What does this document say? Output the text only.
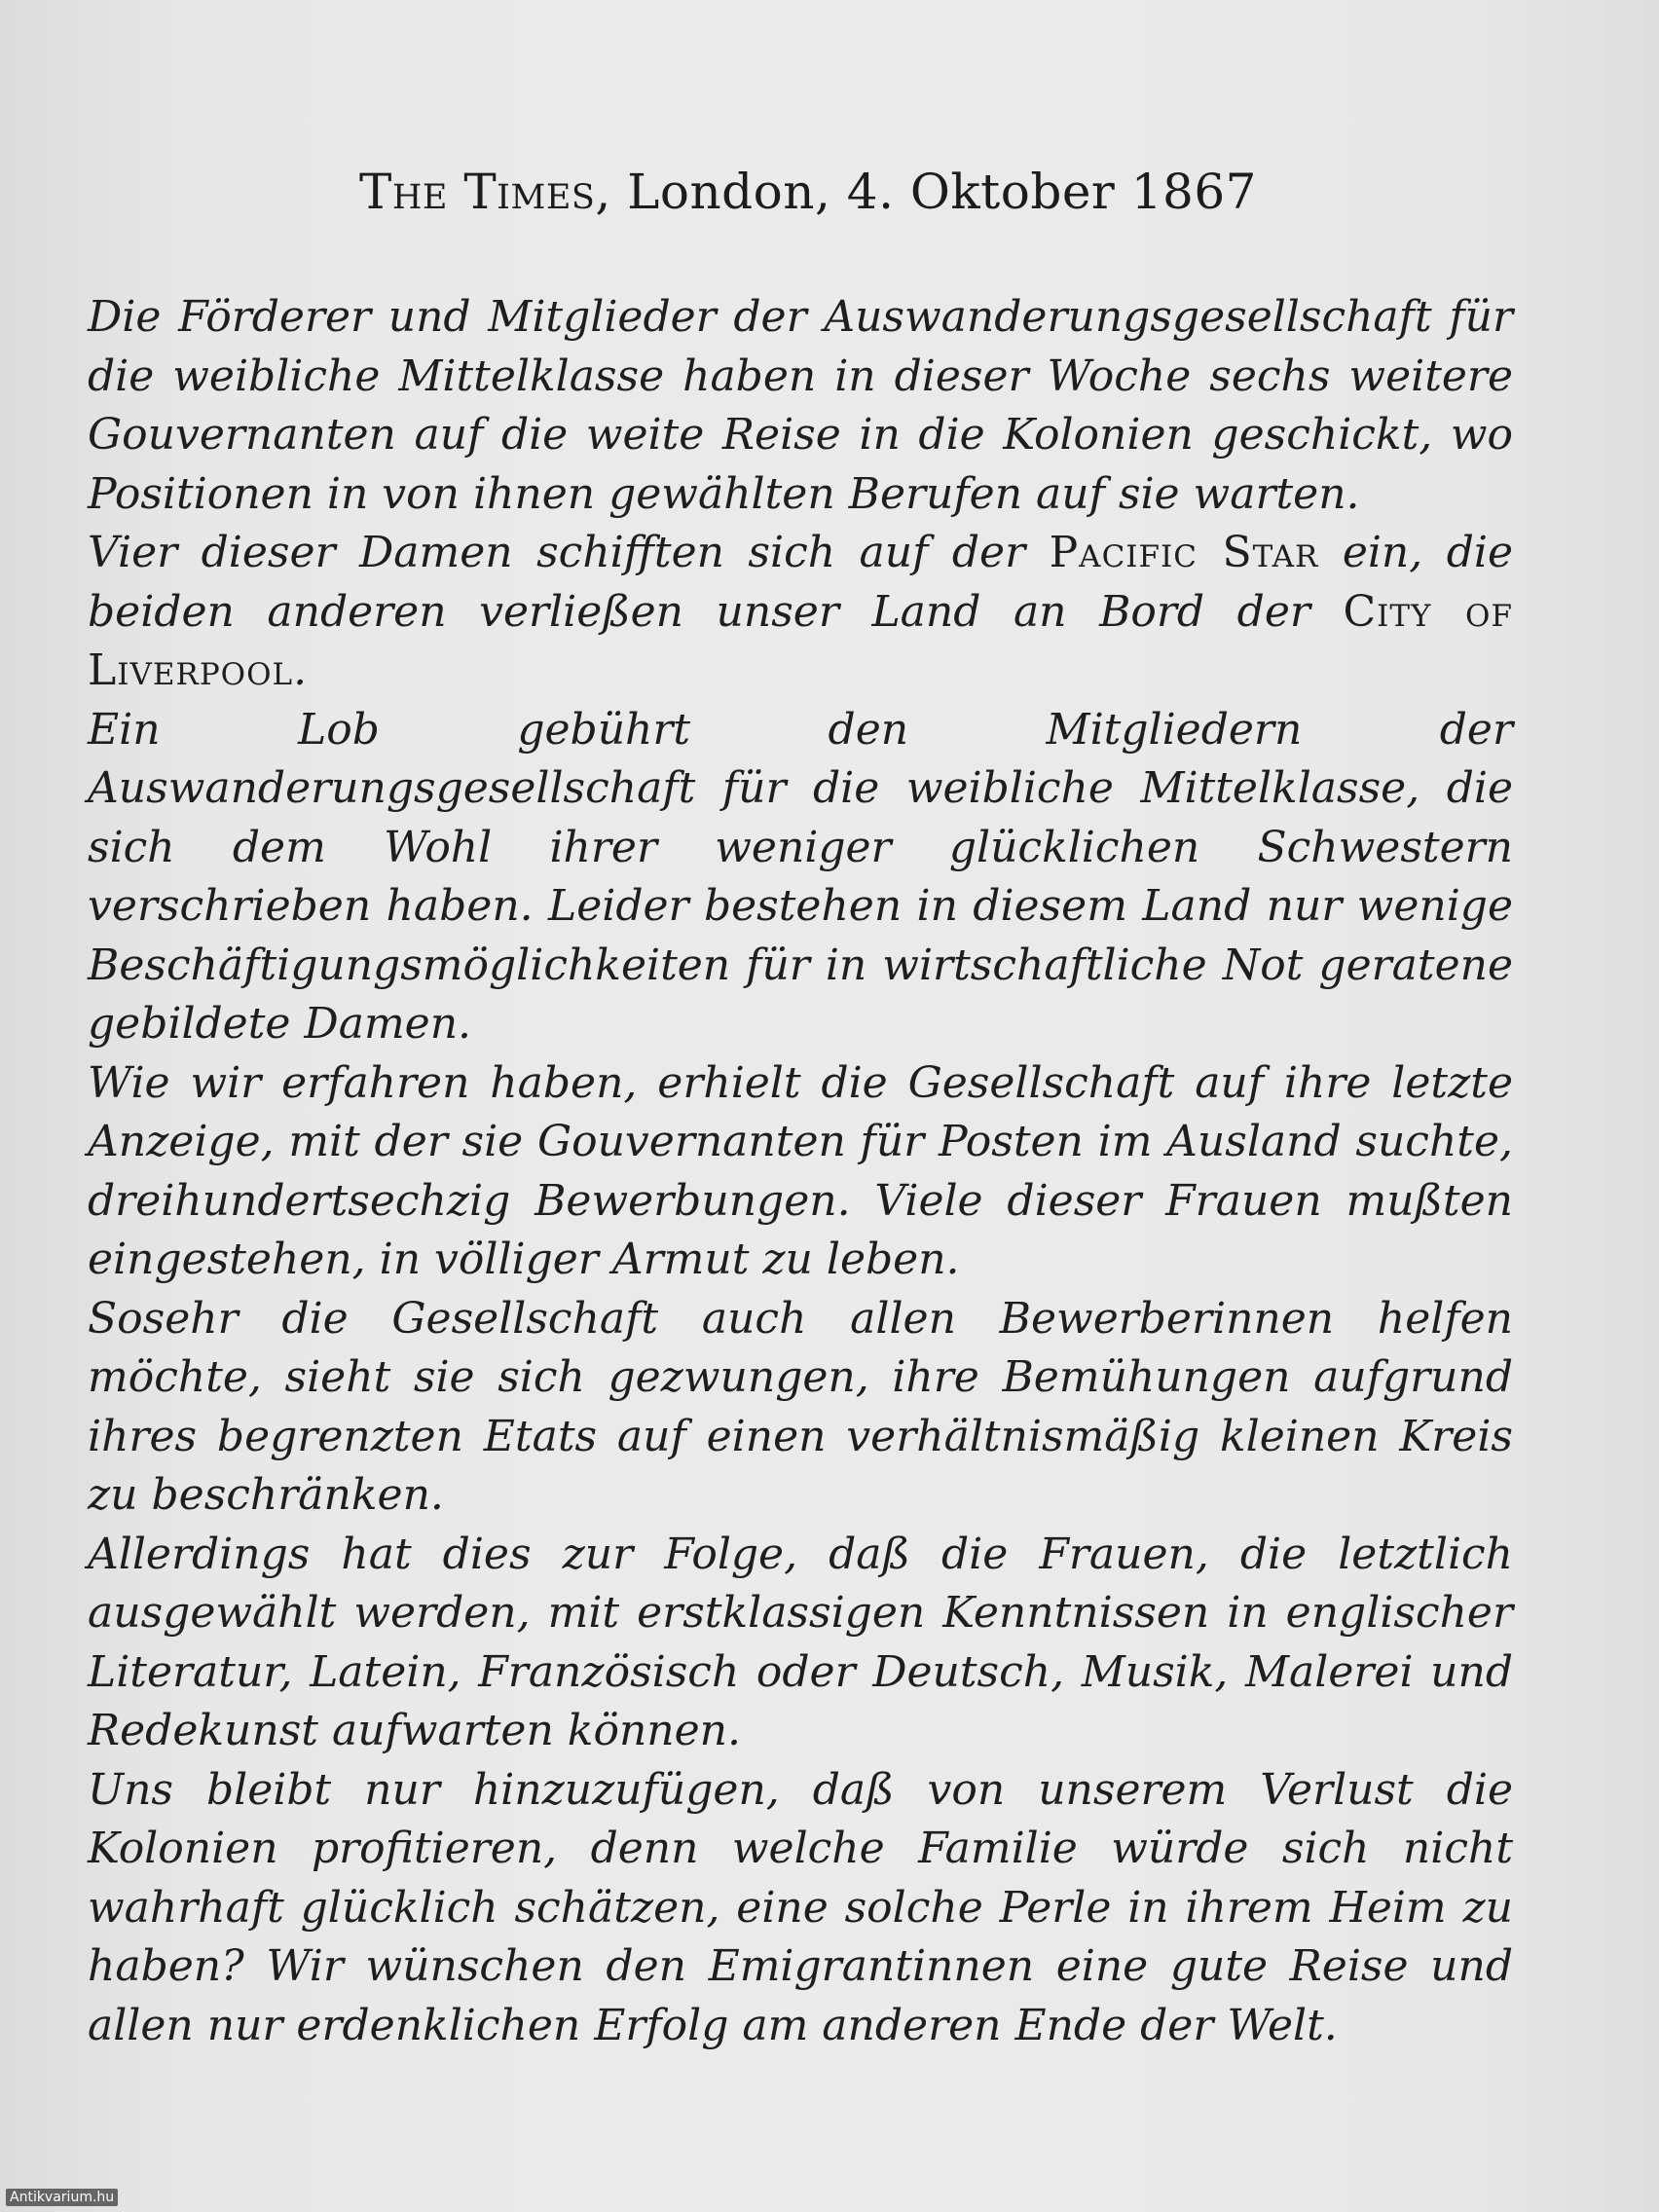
The Times, London, 4. Oktober 1867

Die Förderer und Mitglieder der Auswanderungsgesellschaft für die weibliche Mittelklasse haben in dieser Woche sechs weitere Gouvernanten auf die weite Reise in die Kolonien geschickt, wo Positionen in von ihnen gewählten Berufen auf sie warten.

Vier dieser Damen schifften sich auf der Pacific Star ein, die beiden anderen verließen unser Land an Bord der City of Liverpool.

Ein Lob gebührt den Mitgliedern der Auswanderungsgesellschaft für die weibliche Mittelklasse, die sich dem Wohl ihrer weniger glücklichen Schwestern verschrieben haben. Leider bestehen in diesem Land nur wenige Beschäftigungsmöglichkeiten für in wirtschaftliche Not geratene gebildete Damen.

Wie wir erfahren haben, erhielt die Gesellschaft auf ihre letzte Anzeige, mit der sie Gouvernanten für Posten im Ausland suchte, dreihundertsechzig Bewerbungen. Viele dieser Frauen mußten eingestehen, in völliger Armut zu leben.

Sosehr die Gesellschaft auch allen Bewerberinnen helfen möchte, sieht sie sich gezwungen, ihre Bemühungen aufgrund ihres begrenzten Etats auf einen verhältnismäßig kleinen Kreis zu beschränken.

Allerdings hat dies zur Folge, daß die Frauen, die letztlich ausgewählt werden, mit erstklassigen Kenntnissen in englischer Literatur, Latein, Französisch oder Deutsch, Musik, Malerei und Redekunst aufwarten können.

Uns bleibt nur hinzuzufügen, daß von unserem Verlust die Kolonien profitieren, denn welche Familie würde sich nicht wahrhaft glücklich schätzen, eine solche Perle in ihrem Heim zu haben? Wir wünschen den Emigrantinnen eine gute Reise und allen nur erdenklichen Erfolg am anderen Ende der Welt.

Antikvarium.hu
